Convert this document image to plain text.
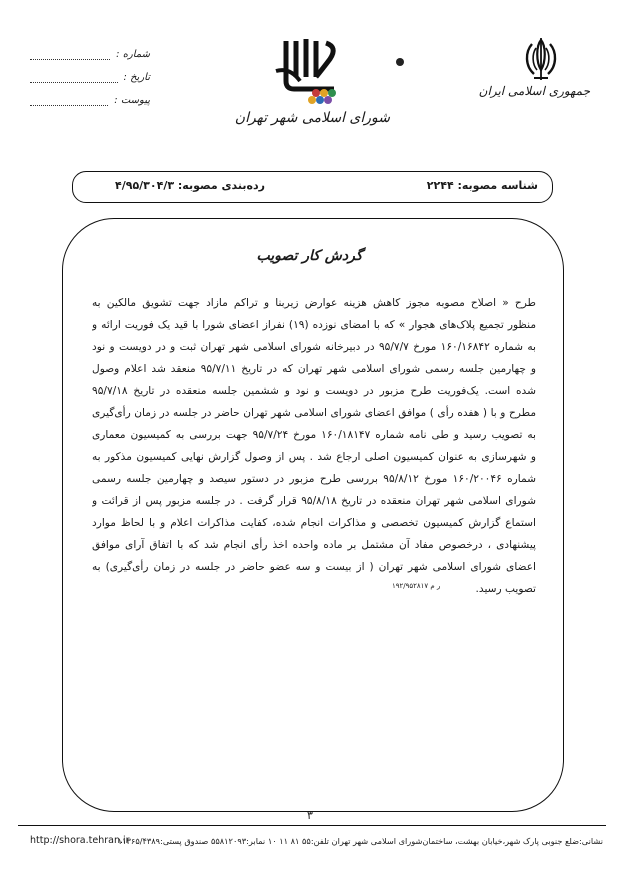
شماره :
تاریخ :
پیوست :
جمهوری اسلامی ایران
شورای اسلامی شهر تهران
شناسه مصوبه: ۲۲۴۴
رده‌بندی مصوبه: ۴/۹۵/۳۰۴/۳
گردش کار تصویب
طرح « اصلاح مصوبه مجوز کاهش هزینه عوارض زیربنا و تراکم مازاد جهت تشویق مالکین به
منظور تجمیع پلاک‌های هجوار » که با امضای نوزده (۱۹) نفراز اعضای شورا با قید یک فوریت ارائه و
به شماره ۱۶۰/۱۶۸۴۲ مورخ ۹۵/۷/۷ در دبیرخانه شورای اسلامی شهر تهران ثبت و در دویست و نود
و چهارمین جلسه رسمی شورای اسلامی شهر تهران که در تاریخ ۹۵/۷/۱۱ منعقد شد اعلام وصول
شده است. یک‌فوریت طرح مزبور در دویست و نود و ششمین جلسه منعقده در تاریخ ۹۵/۷/۱۸
مطرح و با ( هفده رأی ) موافق اعضای شورای اسلامی شهر تهران حاضر در جلسه در زمان رأی‌گیری
به تصویب رسید و طی نامه شماره ۱۶۰/۱۸۱۴۷ مورخ ۹۵/۷/۲۴ جهت بررسی به کمیسیون معماری
و شهرسازی به عنوان کمیسیون اصلی ارجاع شد . پس از وصول گزارش نهایی کمیسیون مذکور به
شماره ۱۶۰/۲۰۰۴۶ مورخ ۹۵/۸/۱۲ بررسی طرح مزبور در دستور سیصد و چهارمین جلسه رسمی
شورای اسلامی شهر تهران منعقده در تاریخ ۹۵/۸/۱۸ قرار گرفت . در جلسه مزبور پس از قرائت و
استماع گزارش کمیسیون تخصصی و مذاکرات انجام شده، کفایت مذاکرات اعلام و با لحاظ موارد
پیشنهادی ، درخصوص مفاد آن مشتمل بر ماده واحده اخذ رأی انجام شد که با اتفاق آرای موافق
اعضای شورای اسلامی شهر تهران ( از بیست و سه عضو حاضر در جلسه در زمان رأی‌گیری) به
تصویب رسید.
ر م ۱۹۲/۹۵۲۸۱۷
۳
نشانی:ضلع جنوبی پارک شهر،خیابان بهشت، ساختمان‌شورای اسلامی شهر تهران تلفن:۵۵ ۸۱ ۱۱ ۱۰ نمابر:۵۵۸۱۲۰۹۳ صندوق پستی:۱۱۳۶۵/۴۳۸۹
http://shora.tehran.ir
